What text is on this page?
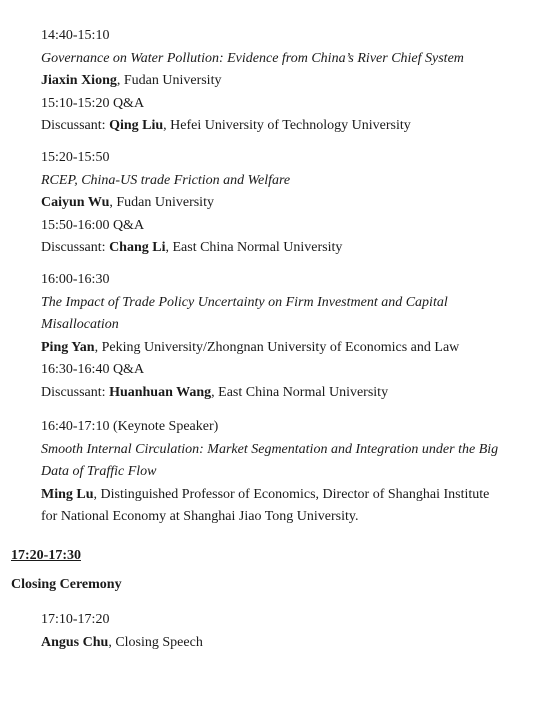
14:40-15:10
Governance on Water Pollution: Evidence from China’s River Chief System
Jiaxin Xiong, Fudan University
15:10-15:20 Q&A
Discussant: Qing Liu, Hefei University of Technology University
15:20-15:50
RCEP, China-US trade Friction and Welfare
Caiyun Wu, Fudan University
15:50-16:00 Q&A
Discussant: Chang Li, East China Normal University
16:00-16:30
The Impact of Trade Policy Uncertainty on Firm Investment and Capital
Misallocation
Ping Yan, Peking University/Zhongnan University of Economics and Law
16:30-16:40 Q&A
Discussant: Huanhuan Wang, East China Normal University
16:40-17:10 (Keynote Speaker)
Smooth Internal Circulation: Market Segmentation and Integration under the Big
Data of Traffic Flow
Ming Lu, Distinguished Professor of Economics, Director of Shanghai Institute
for National Economy at Shanghai Jiao Tong University.
17:20-17:30
Closing Ceremony
17:10-17:20
Angus Chu, Closing Speech
